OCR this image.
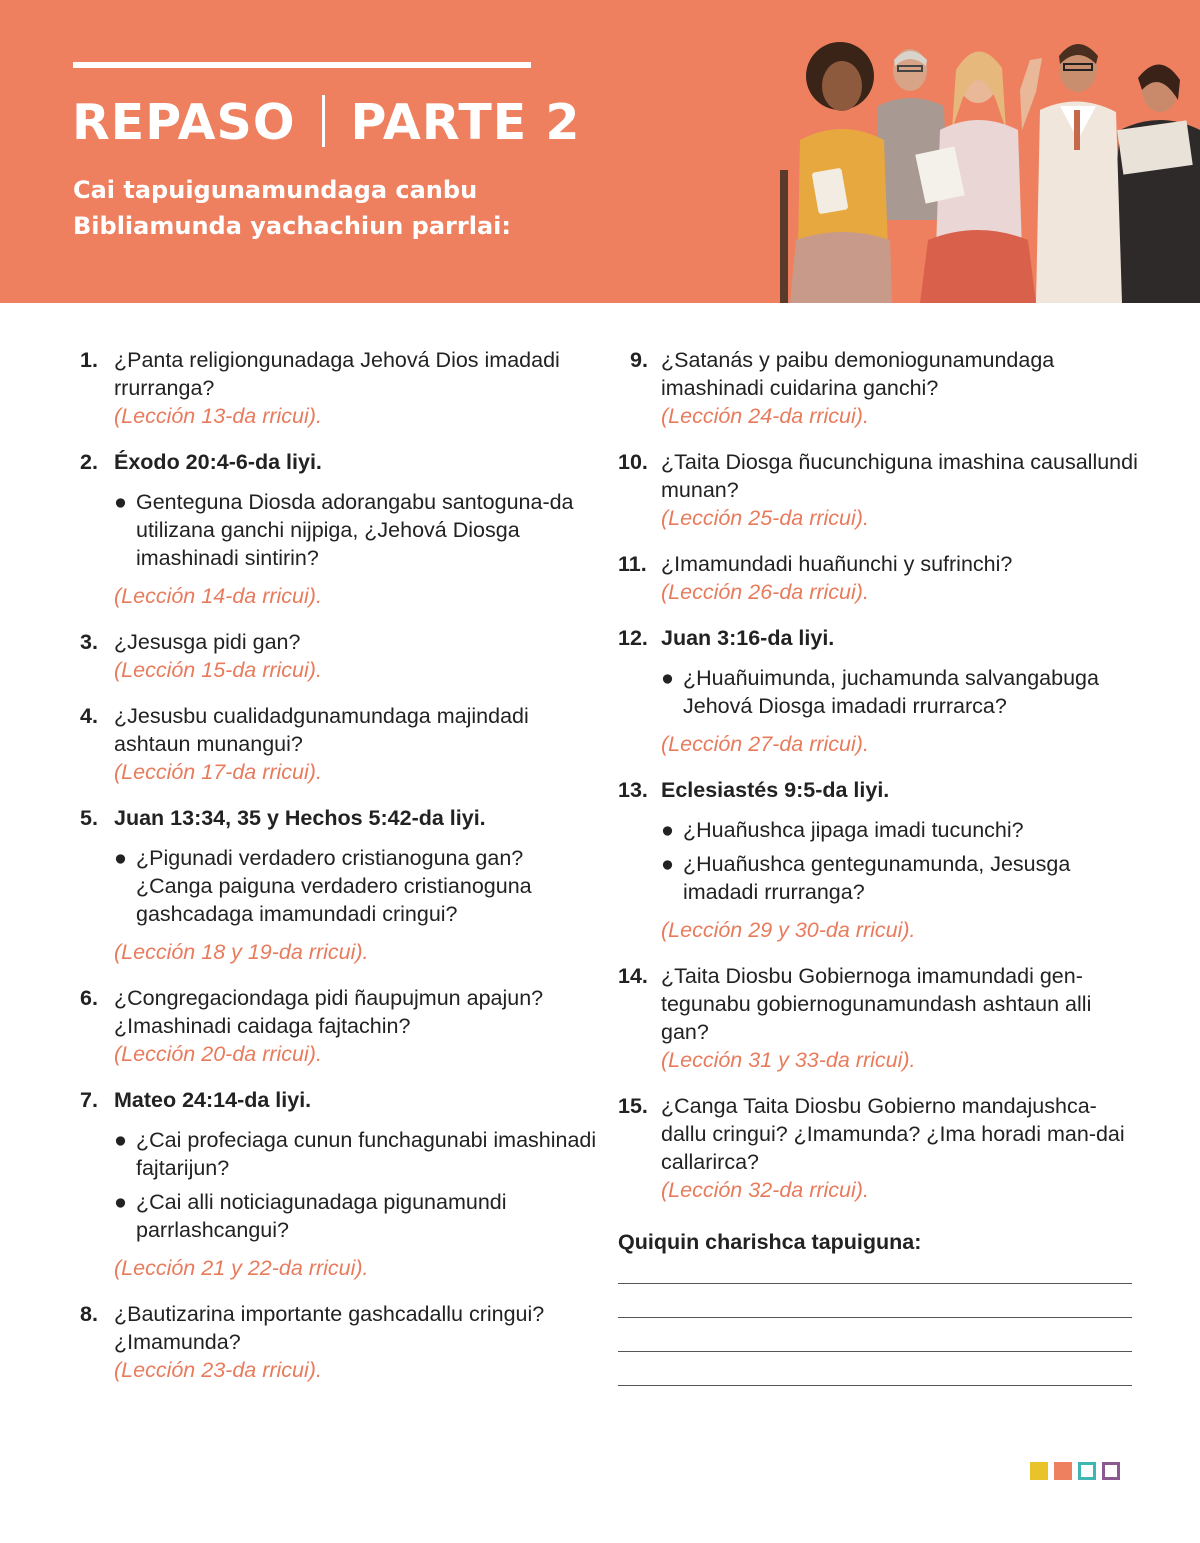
REPASO PARTE 2
Cai tapuigunamundaga canbu
Bibliamunda yachachiun parrlai:
1. ¿Panta religiongunadaga Jehová Dios imadadi rrurranga?
(Lección 13-da rricui).
2. Éxodo 20:4-6-da liyi.
● Genteguna Diosda adorangabu santoguna-da utilizana ganchi nijpiga, ¿Jehová Diosga imashinadi sintirin?
(Lección 14-da rricui).
3. ¿Jesusga pidi gan?
(Lección 15-da rricui).
4. ¿Jesusbu cualidadgunamundaga majindadi ashtaun munangui?
(Lección 17-da rricui).
5. Juan 13:34, 35 y Hechos 5:42-da liyi.
● ¿Pigunadi verdadero cristianoguna gan? ¿Canga paiguna verdadero cristianoguna gashcadaga imamundadi cringui?
(Lección 18 y 19-da rricui).
6. ¿Congregaciondaga pidi ñaupujmun apajun? ¿Imashinadi caidaga fajtachin?
(Lección 20-da rricui).
7. Mateo 24:14-da liyi.
● ¿Cai profeciaga cunun funchagunabi imashinadi fajtarijun?
● ¿Cai alli noticiagunadaga pigunamundi parrlashcangui?
(Lección 21 y 22-da rricui).
8. ¿Bautizarina importante gashcadallu cringui? ¿Imamunda?
(Lección 23-da rricui).
9. ¿Satanás y paibu demoniogunamundaga imashinadi cuidarina ganchi?
(Lección 24-da rricui).
10. ¿Taita Diosga ñucunchiguna imashina causallundi munan?
(Lección 25-da rricui).
11. ¿Imamundadi huañunchi y sufrinchi?
(Lección 26-da rricui).
12. Juan 3:16-da liyi.
● ¿Huañuimunda, juchamunda salvangabuga Jehová Diosga imadadi rrurrarca?
(Lección 27-da rricui).
13. Eclesiastés 9:5-da liyi.
● ¿Huañushca jipaga imadi tucunchi?
● ¿Huañushca gentegunamunda, Jesusga imadadi rrurranga?
(Lección 29 y 30-da rricui).
14. ¿Taita Diosbu Gobiernoga imamundadi gen-tegunabu gobiernogunamundash ashtaun alli gan?
(Lección 31 y 33-da rricui).
15. ¿Canga Taita Diosbu Gobierno mandajushca-dallu cringui? ¿Imamunda? ¿Ima horadi man-dai callarirca?
(Lección 32-da rricui).
Quiquin charishca tapuiguna:
